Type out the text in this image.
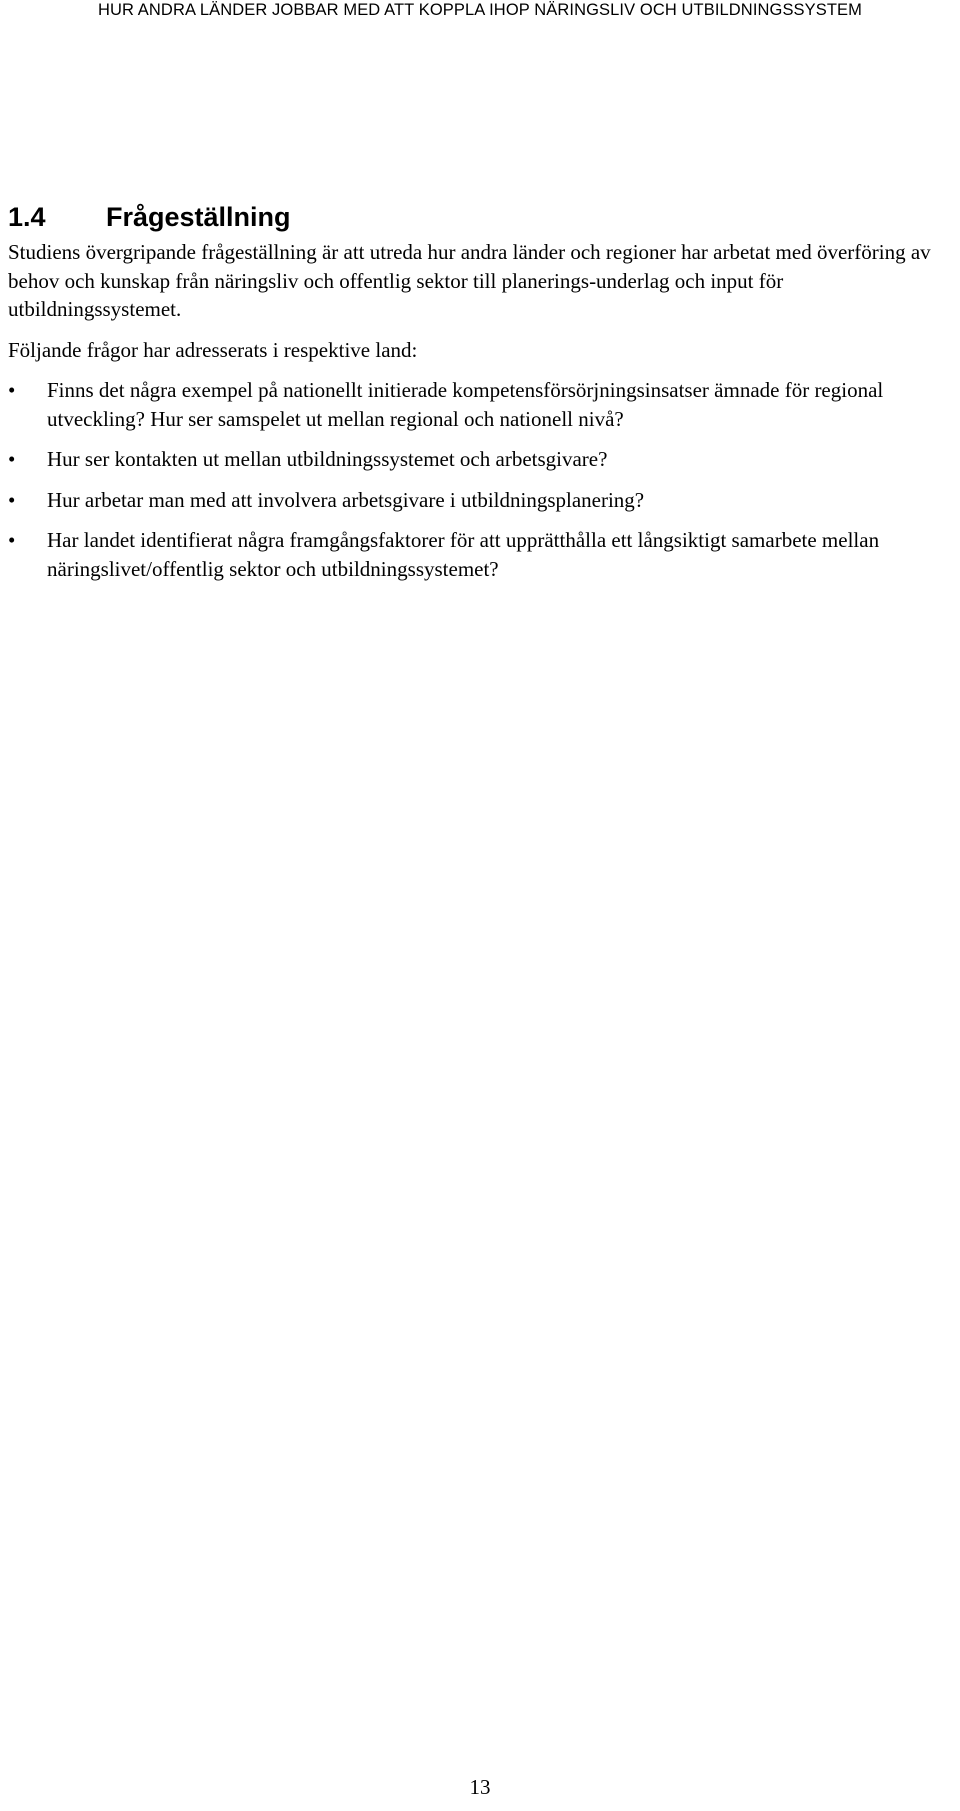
HUR ANDRA LÄNDER JOBBAR MED ATT KOPPLA IHOP NÄRINGSLIV OCH UTBILDNINGSSYSTEM
1.4 Frågeställning

Studiens övergripande frågeställning är att utreda hur andra länder och regioner har arbetat med överföring av behov och kunskap från näringsliv och offentlig sektor till planerings-underlag och input för utbildningssystemet.

Följande frågor har adresserats i respektive land:

• Finns det några exempel på nationellt initierade kompetensförsörjningsinsatser ämnade för regional utveckling? Hur ser samspelet ut mellan regional och nationell nivå?
• Hur ser kontakten ut mellan utbildningssystemet och arbetsgivare?
• Hur arbetar man med att involvera arbetsgivare i utbildningsplanering?
• Har landet identifierat några framgångsfaktorer för att upprätthålla ett långsiktigt samarbete mellan näringslivet/offentlig sektor och utbildningssystemet?
13
